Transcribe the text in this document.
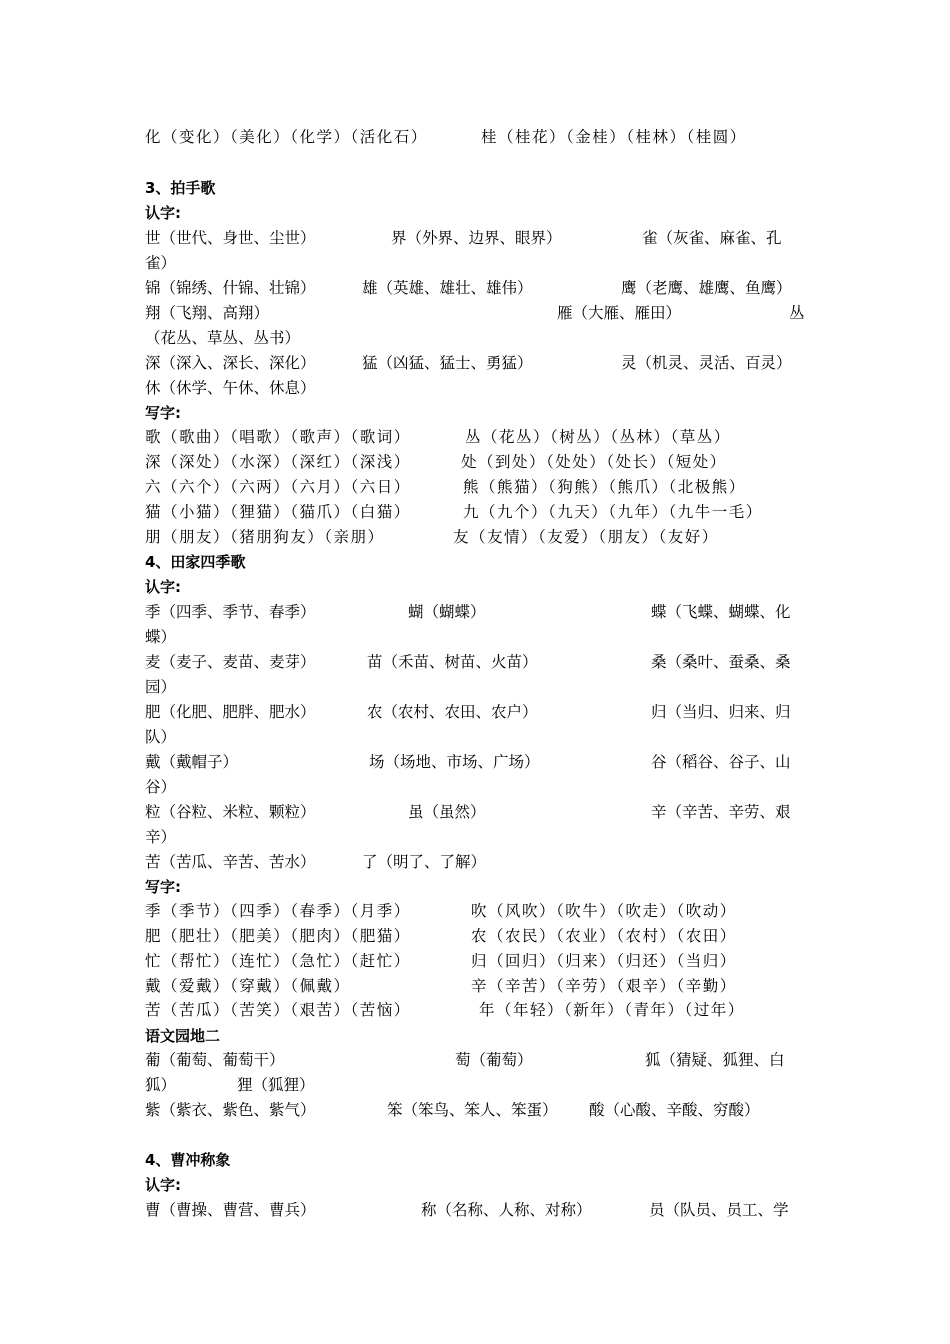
化（变化）（美化）（化学）（活化石）	桂（桂花）（金桂）（桂林）（桂圆）
3、拍手歌
认字:
世（世代、身世、尘世）	界（外界、边界、眼界）	雀（灰雀、麻雀、孔
雀）
锦（锦绣、什锦、壮锦）	雄（英雄、雄壮、雄伟）	鹰（老鹰、雄鹰、鱼鹰）
翔（飞翔、高翔）	雁（大雁、雁田）	丛
（花丛、草丛、丛书）
深（深入、深长、深化）	猛（凶猛、猛士、勇猛）	灵（机灵、灵活、百灵）
休（休学、午休、休息）
写字:
歌（歌曲）（唱歌）（歌声）（歌词）	丛（花丛）（树丛）（丛林）（草丛）
深（深处）（水深）（深红）（深浅）	处（到处）（处处）（处长）（短处）
六（六个）（六两）（六月）（六日）	熊（熊猫）（狗熊）（熊爪）（北极熊）
猫（小猫）（狸猫）（猫爪）（白猫）	九（九个）（九天）（九年）（九牛一毛）
朋（朋友）（猪朋狗友）（亲朋）	友（友情）（友爱）（朋友）（友好）
4、田家四季歌
认字:
季（四季、季节、春季）	蝴（蝴蝶）	蝶（飞蝶、蝴蝶、化
蝶）
麦（麦子、麦苗、麦芽）	苗（禾苗、树苗、火苗）	桑（桑叶、蚕桑、桑
园）
肥（化肥、肥胖、肥水）	农（农村、农田、农户）	归（当归、归来、归
队）
戴（戴帽子）	场（场地、市场、广场）	谷（稻谷、谷子、山
谷）
粒（谷粒、米粒、颗粒）	虽（虽然）	辛（辛苦、辛劳、艰
辛）
苦（苦瓜、辛苦、苦水）	了（明了、了解）
写字:
季（季节）（四季）（春季）（月季）	吹（风吹）（吹牛）（吹走）（吹动）
肥（肥壮）（肥美）（肥肉）（肥猫）	农（农民）（农业）（农村）（农田）
忙（帮忙）（连忙）（急忙）（赶忙）	归（回归）（归来）（归还）（当归）
戴（爱戴）（穿戴）（佩戴）	辛（辛苦）（辛劳）（艰辛）（辛勤）
苦（苦瓜）（苦笑）（艰苦）（苦恼）	年（年轻）（新年）（青年）（过年）
语文园地二
葡（葡萄、葡萄干）	萄（葡萄）	狐（猜疑、狐狸、白
狐）	狸（狐狸）
紫（紫衣、紫色、紫气）	笨（笨鸟、笨人、笨蛋） 酸（心酸、辛酸、穷酸）
4、曹冲称象
认字:
曹（曹操、曹营、曹兵）	称（名称、人称、对称）	员（队员、员工、学
